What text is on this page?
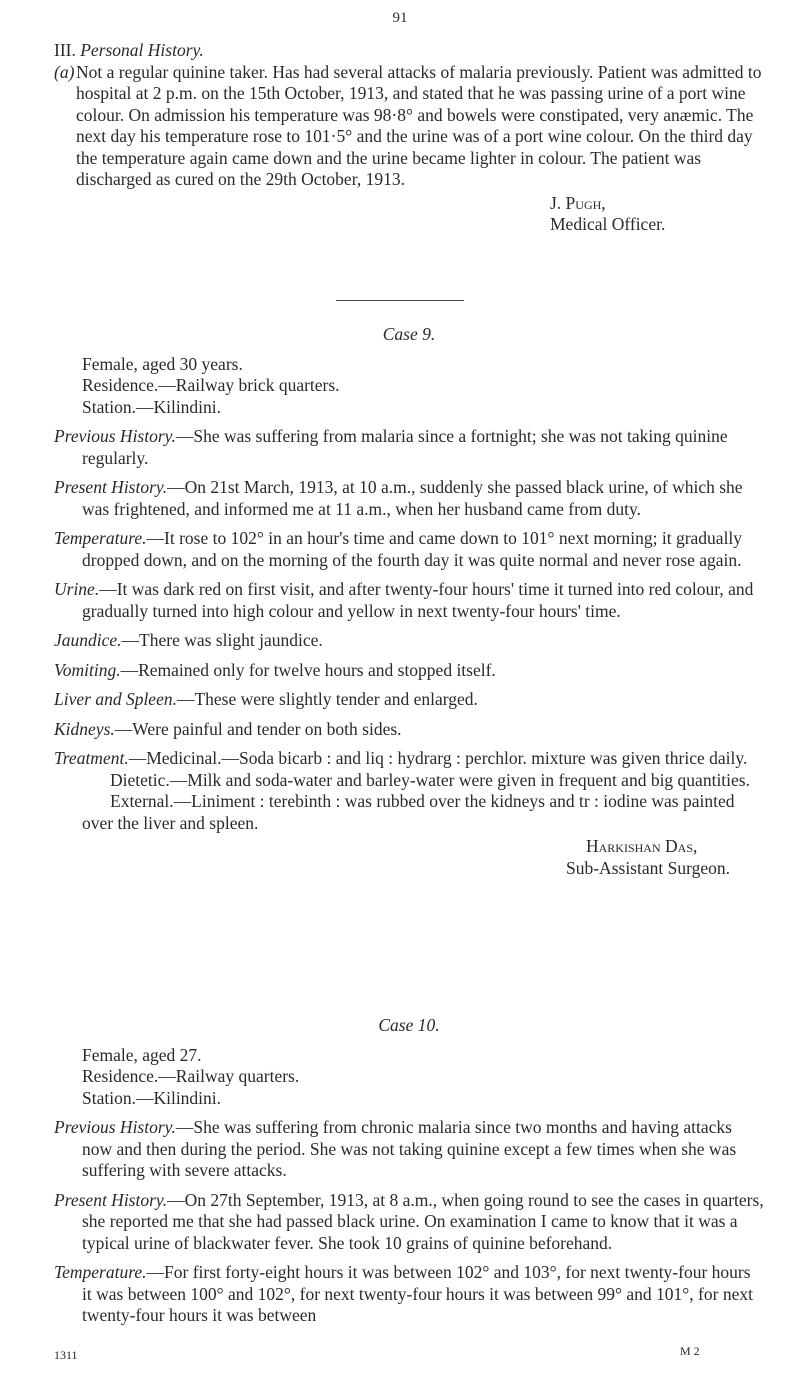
91

III. Personal History.

(a) Not a regular quinine taker. Has had several attacks of malaria previously. Patient was admitted to hospital at 2 p.m. on the 15th October, 1913, and stated that he was passing urine of a port wine colour. On admission his temperature was 98·8° and bowels were constipated, very anæmic. The next day his temperature rose to 101·5° and the urine was of a port wine colour. On the third day the temperature again came down and the urine became lighter in colour. The patient was discharged as cured on the 29th October, 1913.
J. Pugh,
Medical Officer.

Case 9.

Female, aged 30 years.
Residence.—Railway brick quarters.
Station.—Kilindini.

Previous History.—She was suffering from malaria since a fortnight; she was not taking quinine regularly.

Present History.—On 21st March, 1913, at 10 a.m., suddenly she passed black urine, of which she was frightened, and informed me at 11 a.m., when her husband came from duty.

Temperature.—It rose to 102° in an hour's time and came down to 101° next morning; it gradually dropped down, and on the morning of the fourth day it was quite normal and never rose again.

Urine.—It was dark red on first visit, and after twenty-four hours' time it turned into red colour, and gradually turned into high colour and yellow in next twenty-four hours' time.

Jaundice.—There was slight jaundice.

Vomiting.—Remained only for twelve hours and stopped itself.

Liver and Spleen.—These were slightly tender and enlarged.

Kidneys.—Were painful and tender on both sides.

Treatment.—Medicinal.—Soda bicarb : and liq : hydrarg : perchlor. mixture was given thrice daily.

Dietetic.—Milk and soda-water and barley-water were given in frequent and big quantities.

External.—Liniment : terebinth : was rubbed over the kidneys and tr : iodine was painted over the liver and spleen.

Harkishan Das,
Sub-Assistant Surgeon.

Case 10.

Female, aged 27.
Residence.—Railway quarters.
Station.—Kilindini.

Previous History.—She was suffering from chronic malaria since two months and having attacks now and then during the period. She was not taking quinine except a few times when she was suffering with severe attacks.

Present History.—On 27th September, 1913, at 8 a.m., when going round to see the cases in quarters, she reported me that she had passed black urine. On examination I came to know that it was a typical urine of blackwater fever. She took 10 grains of quinine beforehand.

Temperature.—For first forty-eight hours it was between 102° and 103°, for next twenty-four hours it was between 100° and 102°, for next twenty-four hours it was between 99° and 101°, for next twenty-four hours it was between

1311	M 2
